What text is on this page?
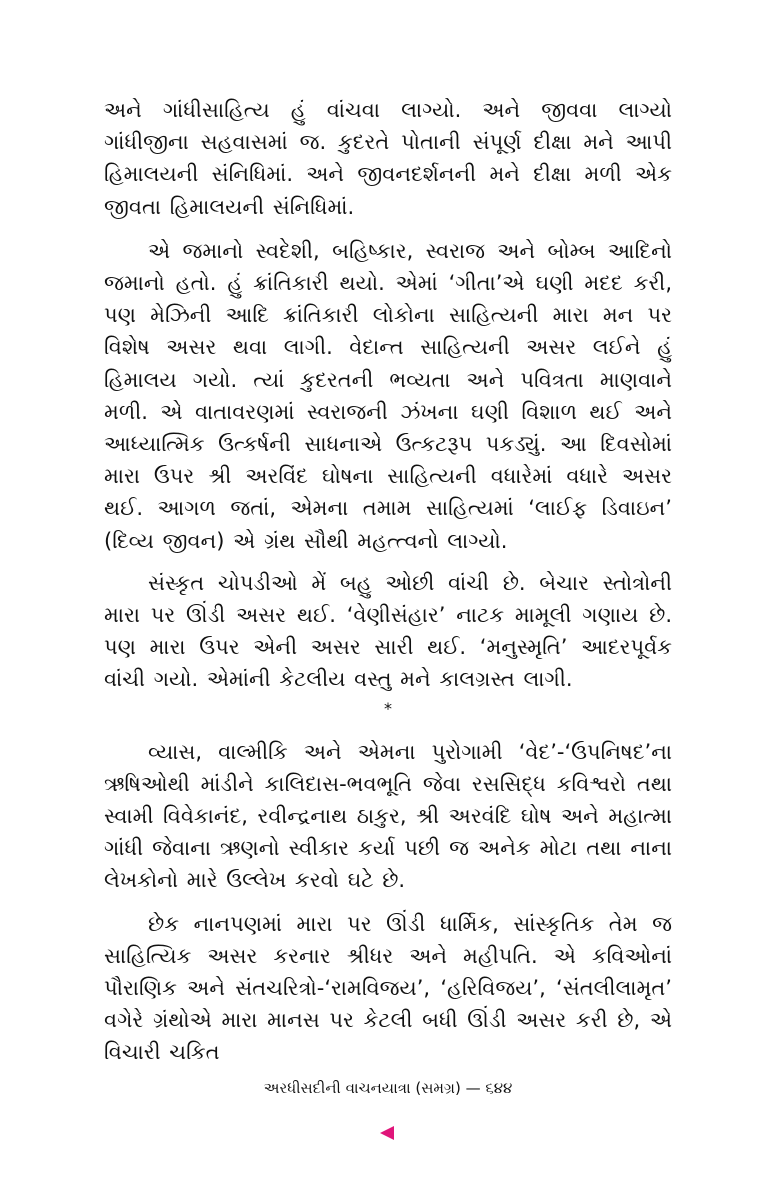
અને ગાંધીસાહિત્ય હું વાંચવા લાગ્યો. અને જીવવા લાગ્યો ગાંધીજીના સહવાસમાં જ. કુદરતે પોતાની સંપૂર્ણ દીક્ષા મને આપી હિમાલયની સંનિધિમાં. અને જીવનદર્શનની મને દીક્ષા મળી એક જીવતા હિમાલયની સંનિધિમાં.

એ જમાનો સ્વદેશી, બહિષ્કાર, સ્વરાજ અને બોમ્બ આદિનો જમાનો હતો. હું ક્રાંતિકારી થયો. એમાં ‘ગીતા’એ ઘણી મદદ કરી, પણ મેઝિની આદિ ક્રાંતિકારી લોકોના સાહિત્યની મારા મન પર વિશેષ અસર થવા લાગી. વેદાન્ત સાહિત્યની અસર લઈને હું હિમાલય ગયો. ત્યાં કુદરતની ભવ્યતા અને પવિત્રતા માણવાને મળી. એ વાતાવરણમાં સ્વરાજની ઝંખના ઘણી વિશાળ થઈ અને આધ્યાત્મિક ઉત્કર્ષની સાધનાએ ઉત્કટરૂપ પકડ્યું. આ દિવસોમાં મારા ઉપર શ્રી અરવિંદ ઘોષના સાહિત્યની વધારેમાં વધારે અસર થઈ. આગળ જતાં, એમના તમામ સાહિત્યમાં ‘લાઈફ ડિવાઇન’ (દિવ્ય જીવન) એ ગ્રંથ સૌથી મહત્ત્વનો લાગ્યો.

સંસ્કૃત ચોપડીઓ મેં બહુ ઓછી વાંચી છે. બેચાર સ્તોત્રોની મારા પર ઊંડી અસર થઈ. ‘વેણીસંહાર’ નાટક મામૂલી ગણાય છે. પણ મારા ઉપર એની અસર સારી થઈ. ‘મનુસ્મૃતિ’ આદરપૂર્વક વાંચી ગયો. એમાંની કેટલીય વસ્તુ મને કાલગ્રસ્ત લાગી.

*

વ્યાસ, વાલ્મીકિ અને એમના પુરોગામી ‘વેદ’-‘ઉપનિષદ’ના ઋષિઓથી માંડીને કાલિદાસ-ભવભૂતિ જેવા રસસિદ્ધ કવિશ્વરો તથા સ્વામી વિવેકાનંદ, રવીન્દ્રનાથ ઠાકુર, શ્રી અરવંદિ ઘોષ અને મહાત્મા ગાંધી જેવાના ઋણનો સ્વીકાર કર્યા પછી જ અનેક મોટા તથા નાના લેખકોનો મારે ઉલ્લેખ કરવો ઘટે છે.

છેક નાનપણમાં મારા પર ઊંડી ધાર્મિક, સાંસ્કૃતિક તેમ જ સાહિત્યિક અસર કરનાર શ્રીધર અને મહીપતિ. એ કવિઓનાં પૌરાણિક અને સંતચરિત્રો-‘રામવિજય’, ‘હરિવિજય’, ‘સંતલીલામૃત’ વગેરે ગ્રંથોએ મારા માનસ પર કેટલી બધી ઊંડી અસર કરી છે, એ વિચારી ચકિત

અરધીસદીની વાચનયાત્રા (સમગ્ર) — ૬૪૪
